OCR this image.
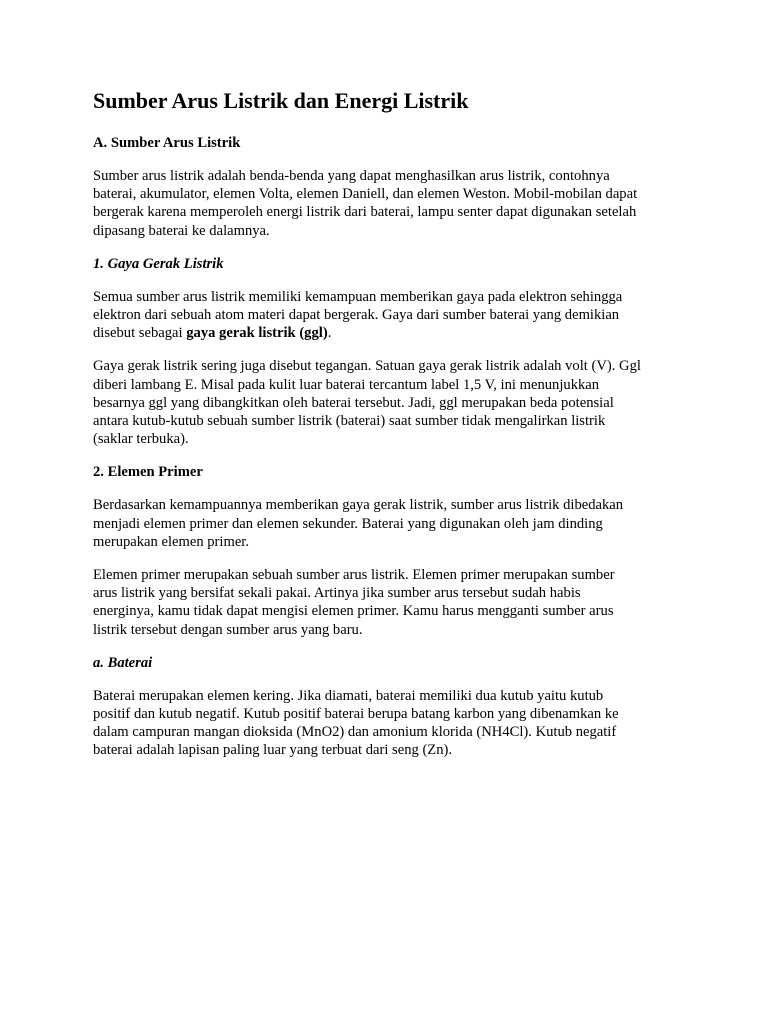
Sumber Arus Listrik dan Energi Listrik
A. Sumber Arus Listrik

Sumber arus listrik adalah benda-benda yang dapat menghasilkan arus listrik, contohnya
baterai, akumulator, elemen Volta, elemen Daniell, dan elemen Weston. Mobil-mobilan dapat
bergerak karena memperoleh energi listrik dari baterai, lampu senter dapat digunakan setelah
dipasang baterai ke dalamnya.

1. Gaya Gerak Listrik

Semua sumber arus listrik memiliki kemampuan memberikan gaya pada elektron sehingga
elektron dari sebuah atom materi dapat bergerak. Gaya dari sumber baterai yang demikian
disebut sebagai gaya gerak listrik (ggl).

Gaya gerak listrik sering juga disebut tegangan. Satuan gaya gerak listrik adalah volt (V). Ggl
diberi lambang E. Misal pada kulit luar baterai tercantum label 1,5 V, ini menunjukkan
besarnya ggl yang dibangkitkan oleh baterai tersebut. Jadi, ggl merupakan beda potensial
antara kutub-kutub sebuah sumber listrik (baterai) saat sumber tidak mengalirkan listrik
(saklar terbuka).

2. Elemen Primer

Berdasarkan kemampuannya memberikan gaya gerak listrik, sumber arus listrik dibedakan
menjadi elemen primer dan elemen sekunder. Baterai yang digunakan oleh jam dinding
merupakan elemen primer.

Elemen primer merupakan sebuah sumber arus listrik. Elemen primer merupakan sumber
arus listrik yang bersifat sekali pakai. Artinya jika sumber arus tersebut sudah habis
energinya, kamu tidak dapat mengisi elemen primer. Kamu harus mengganti sumber arus
listrik tersebut dengan sumber arus yang baru.

a. Baterai

Baterai merupakan elemen kering. Jika diamati, baterai memiliki dua kutub yaitu kutub
positif dan kutub negatif. Kutub positif baterai berupa batang karbon yang dibenamkan ke
dalam campuran mangan dioksida (MnO2) dan amonium klorida (NH4Cl). Kutub negatif
baterai adalah lapisan paling luar yang terbuat dari seng (Zn).
